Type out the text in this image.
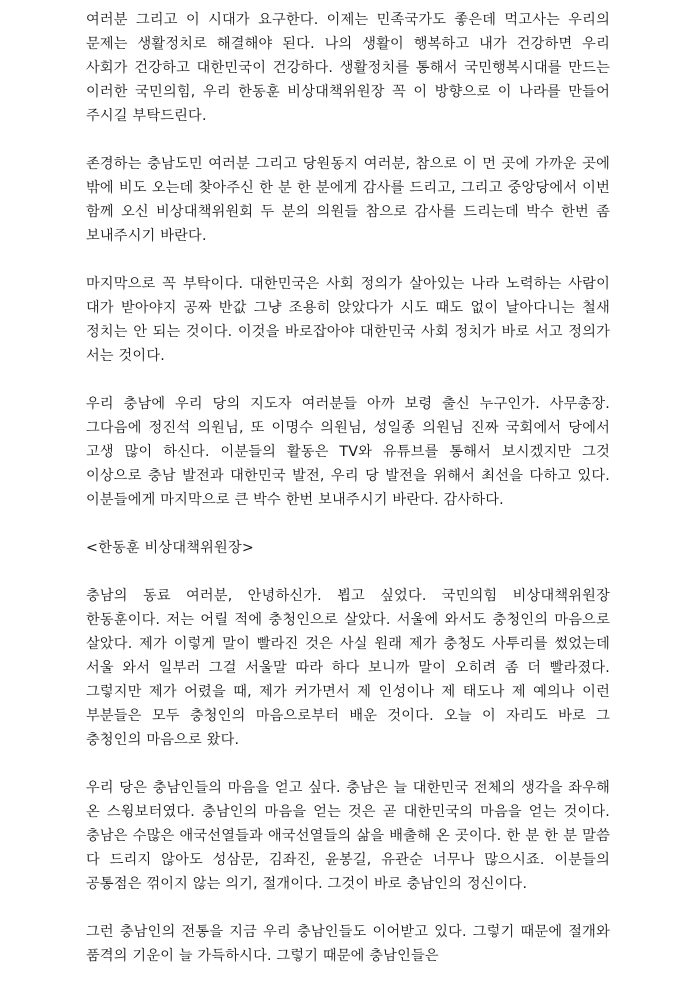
여러분 그리고 이 시대가 요구한다. 이제는 민족국가도 좋은데 먹고사는 우리의 문제는 생활정치로 해결해야 된다. 나의 생활이 행복하고 내가 건강하면 우리 사회가 건강하고 대한민국이 건강하다. 생활정치를 통해서 국민행복시대를 만드는 이러한 국민의힘, 우리 한동훈 비상대책위원장 꼭 이 방향으로 이 나라를 만들어 주시길 부탁드린다.

존경하는 충남도민 여러분 그리고 당원동지 여러분, 참으로 이 먼 곳에 가까운 곳에 밖에 비도 오는데 찾아주신 한 분 한 분에게 감사를 드리고, 그리고 중앙당에서 이번 함께 오신 비상대책위원회 두 분의 의원들 참으로 감사를 드리는데 박수 한번 좀 보내주시기 바란다.

마지막으로 꼭 부탁이다. 대한민국은 사회 정의가 살아있는 나라 노력하는 사람이 대가 받아야지 공짜 반값 그냥 조용히 앉았다가 시도 때도 없이 날아다니는 철새 정치는 안 되는 것이다. 이것을 바로잡아야 대한민국 사회 정치가 바로 서고 정의가 서는 것이다.

우리 충남에 우리 당의 지도자 여러분들 아까 보령 출신 누구인가. 사무총장. 그다음에 정진석 의원님, 또 이명수 의원님, 성일종 의원님 진짜 국회에서 당에서 고생 많이 하신다. 이분들의 활동은 TV와 유튜브를 통해서 보시겠지만 그것 이상으로 충남 발전과 대한민국 발전, 우리 당 발전을 위해서 최선을 다하고 있다. 이분들에게 마지막으로 큰 박수 한번 보내주시기 바란다. 감사하다.

<한동훈 비상대책위원장>

충남의 동료 여러분, 안녕하신가. 뵙고 싶었다. 국민의힘 비상대책위원장 한동훈이다. 저는 어릴 적에 충청인으로 살았다. 서울에 와서도 충청인의 마음으로 살았다. 제가 이렇게 말이 빨라진 것은 사실 원래 제가 충청도 사투리를 썼었는데 서울 와서 일부러 그걸 서울말 따라 하다 보니까 말이 오히려 좀 더 빨라졌다. 그렇지만 제가 어렸을 때, 제가 커가면서 제 인성이나 제 태도나 제 예의나 이런 부분들은 모두 충청인의 마음으로부터 배운 것이다. 오늘 이 자리도 바로 그 충청인의 마음으로 왔다.

우리 당은 충남인들의 마음을 얻고 싶다. 충남은 늘 대한민국 전체의 생각을 좌우해 온 스윙보터였다. 충남인의 마음을 얻는 것은 곧 대한민국의 마음을 얻는 것이다. 충남은 수많은 애국선열들과 애국선열들의 삶을 배출해 온 곳이다. 한 분 한 분 말씀 다 드리지 않아도 성삼문, 김좌진, 윤봉길, 유관순 너무나 많으시죠. 이분들의 공통점은 꺾이지 않는 의기, 절개이다. 그것이 바로 충남인의 정신이다.

그런 충남인의 전통을 지금 우리 충남인들도 이어받고 있다. 그렇기 때문에 절개와 품격의 기운이 늘 가득하시다. 그렇기 때문에 충남인들은
